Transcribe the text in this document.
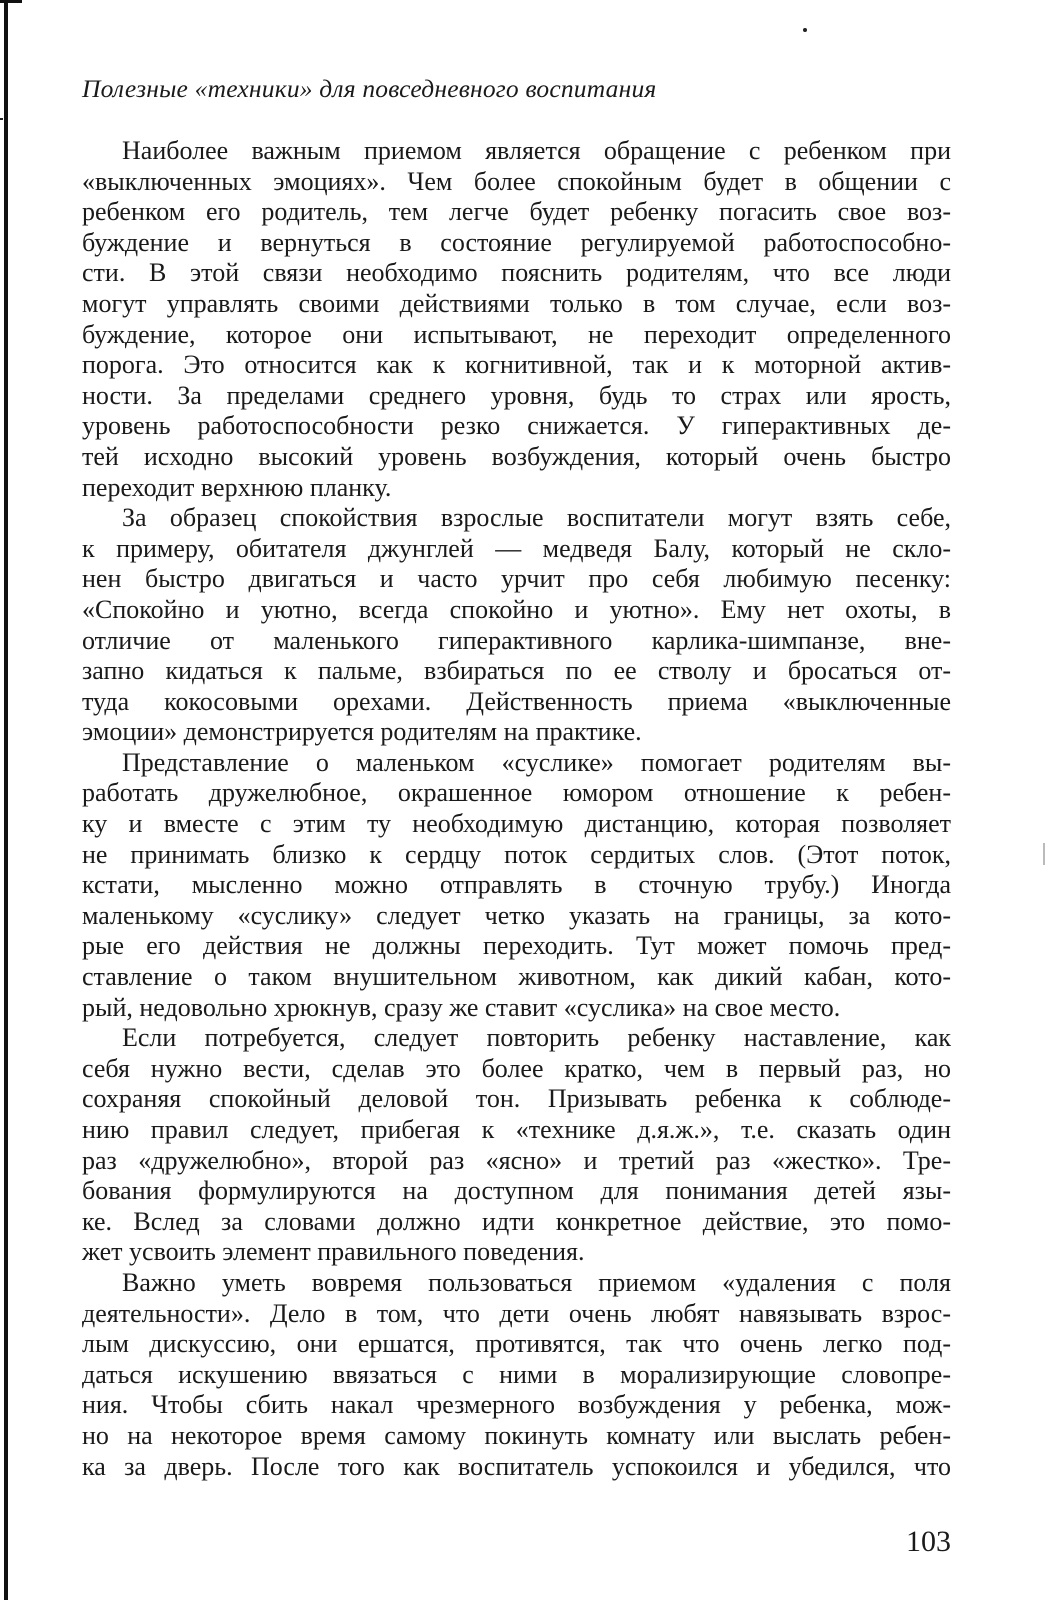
Полезные «техники» для повседневного воспитания

Наиболее важным приемом является обращение с ребенком при
«выключенных эмоциях». Чем более спокойным будет в общении с
ребенком его родитель, тем легче будет ребенку погасить свое воз-
буждение и вернуться в состояние регулируемой работоспособно-
сти. В этой связи необходимо пояснить родителям, что все люди
могут управлять своими действиями только в том случае, если воз-
буждение, которое они испытывают, не переходит определенного
порога. Это относится как к когнитивной, так и к моторной актив-
ности. За пределами среднего уровня, будь то страх или ярость,
уровень работоспособности резко снижается. У гиперактивных де-
тей исходно высокий уровень возбуждения, который очень быстро
переходит верхнюю планку.

За образец спокойствия взрослые воспитатели могут взять себе,
к примеру, обитателя джунглей — медведя Балу, который не скло-
нен быстро двигаться и часто урчит про себя любимую песенку:
«Спокойно и уютно, всегда спокойно и уютно». Ему нет охоты, в
отличие от маленького гиперактивного карлика-шимпанзе, вне-
запно кидаться к пальме, взбираться по ее стволу и бросаться от-
туда кокосовыми орехами. Действенность приема «выключенные
эмоции» демонстрируется родителям на практике.

Представление о маленьком «суслике» помогает родителям вы-
работать дружелюбное, окрашенное юмором отношение к ребен-
ку и вместе с этим ту необходимую дистанцию, которая позволяет
не принимать близко к сердцу поток сердитых слов. (Этот поток,
кстати, мысленно можно отправлять в сточную трубу.) Иногда
маленькому «суслику» следует четко указать на границы, за кото-
рые его действия не должны переходить. Тут может помочь пред-
ставление о таком внушительном животном, как дикий кабан, кото-
рый, недовольно хрюкнув, сразу же ставит «суслика» на свое место.

Если потребуется, следует повторить ребенку наставление, как
себя нужно вести, сделав это более кратко, чем в первый раз, но
сохраняя спокойный деловой тон. Призывать ребенка к соблюде-
нию правил следует, прибегая к «технике д.я.ж.», т.е. сказать один
раз «дружелюбно», второй раз «ясно» и третий раз «жестко». Тре-
бования формулируются на доступном для понимания детей язы-
ке. Вслед за словами должно идти конкретное действие, это помо-
жет усвоить элемент правильного поведения.

Важно уметь вовремя пользоваться приемом «удаления с поля
деятельности». Дело в том, что дети очень любят навязывать взрос-
лым дискуссию, они ершатся, противятся, так что очень легко под-
даться искушению ввязаться с ними в морализирующие словопре-
ния. Чтобы сбить накал чрезмерного возбуждения у ребенка, мож-
но на некоторое время самому покинуть комнату или выслать ребен-
ка за дверь. После того как воспитатель успокоился и убедился, что

103
